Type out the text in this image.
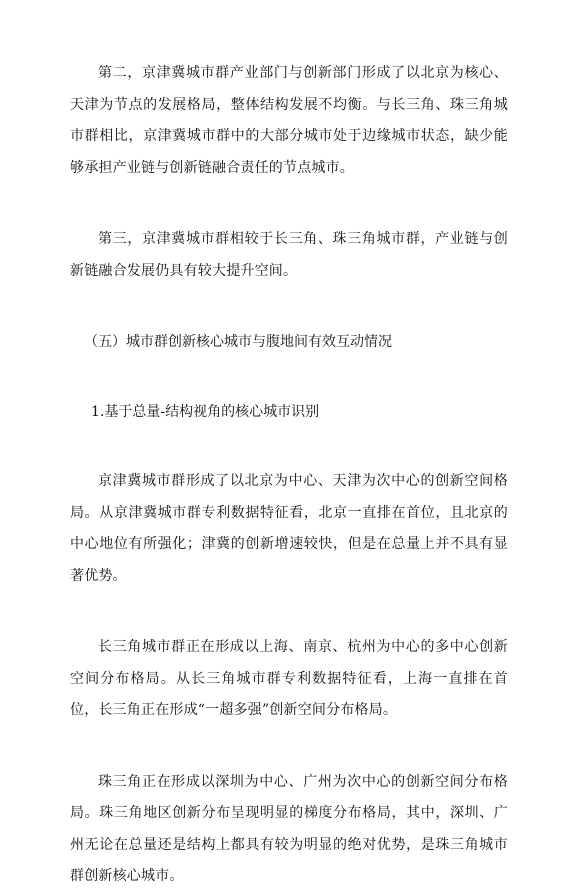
第二，京津冀城市群产业部门与创新部门形成了以北京为核心、天津为节点的发展格局，整体结构发展不均衡。与长三角、珠三角城市群相比，京津冀城市群中的大部分城市处于边缘城市状态，缺少能够承担产业链与创新链融合责任的节点城市。

第三，京津冀城市群相较于长三角、珠三角城市群，产业链与创新链融合发展仍具有较大提升空间。

（五）城市群创新核心城市与腹地间有效互动情况

1.基于总量-结构视角的核心城市识别

京津冀城市群形成了以北京为中心、天津为次中心的创新空间格局。从京津冀城市群专利数据特征看，北京一直排在首位，且北京的中心地位有所强化；津冀的创新增速较快，但是在总量上并不具有显著优势。

长三角城市群正在形成以上海、南京、杭州为中心的多中心创新空间分布格局。从长三角城市群专利数据特征看，上海一直排在首位，长三角正在形成“一超多强”创新空间分布格局。

珠三角正在形成以深圳为中心、广州为次中心的创新空间分布格局。珠三角地区创新分布呈现明显的梯度分布格局，其中，深圳、广州无论在总量还是结构上都具有较为明显的绝对优势，是珠三角城市群创新核心城市。
